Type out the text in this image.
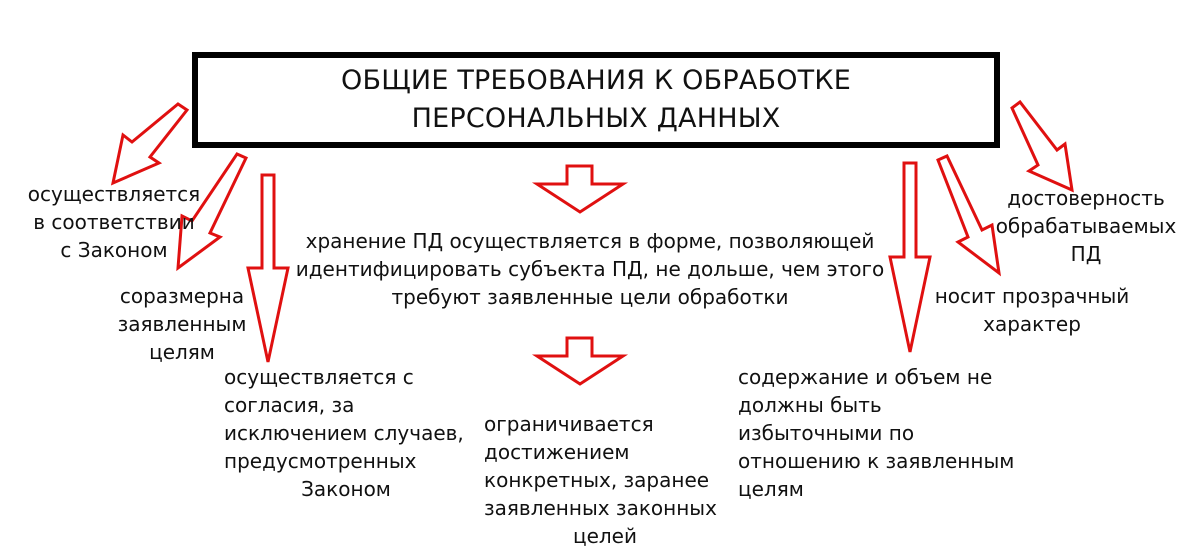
ОБЩИЕ ТРЕБОВАНИЯ К ОБРАБОТКЕ
ПЕРСОНАЛЬНЫХ ДАННЫХ
осуществляется
в соответствии
с Законом
соразмерна
заявленным
целям
осуществляется с
согласия, за
исключением случаев,
предусмотренных
Законом
хранение ПД осуществляется в форме, позволяющей
идентифицировать субъекта ПД, не дольше, чем этого
требуют заявленные цели обработки
ограничивается
достижением
конкретных, заранее
заявленных законных
целей
содержание и объем не
должны быть
избыточными по
отношению к заявленным
целям
носит прозрачный
характер
достоверность
обрабатываемых
ПД
